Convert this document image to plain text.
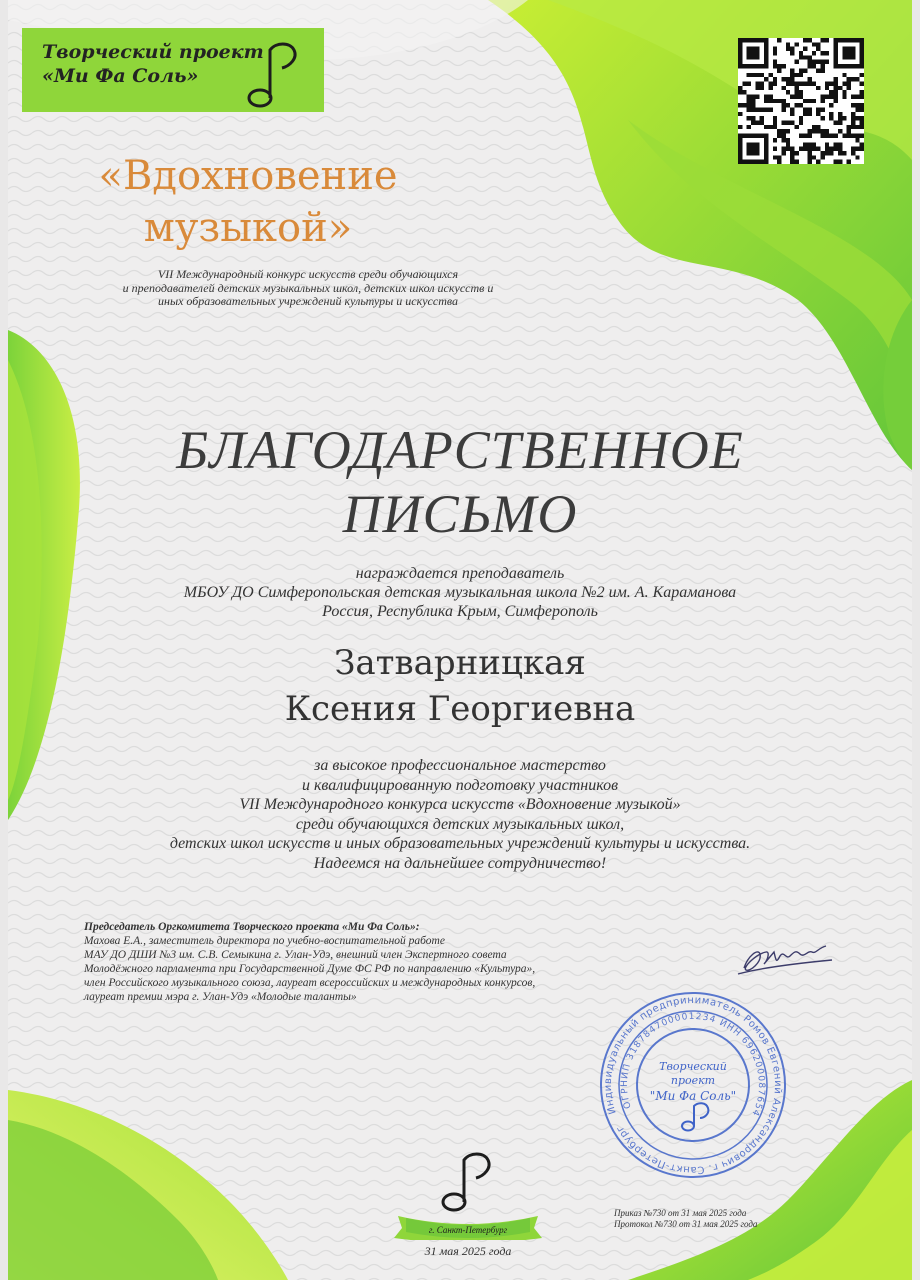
Творческий проект
«Ми Фа Соль»
«Вдохновение
музыкой»
VII Международный конкурс искусств среди обучающихся
и преподавателей детских музыкальных школ, детских школ искусств и
иных образовательных учреждений культуры и искусства
БЛАГОДАРСТВЕННОЕ
ПИСЬМО
награждается преподаватель
МБОУ ДО Симферопольская детская музыкальная школа №2 им. А. Караманова
Россия, Республика Крым, Симферополь
Затварницкая
Ксения Георгиевна
за высокое профессиональное мастерство
и квалифицированную подготовку участников
VII Международного конкурса искусств «Вдохновение музыкой»
среди обучающихся детских музыкальных школ,
детских школ искусств и иных образовательных учреждений культуры и искусства.
Надеемся на дальнейшее сотрудничество!
Председатель Оргкомитета Творческого проекта «Ми Фа Соль»:
Махова Е.А., заместитель директора по учебно-воспитательной работе
МАУ ДО ДШИ №3 им. С.В. Семыкина г. Улан-Удэ, внешний член Экспертного совета
Молодёжного парламента при Государственной Думе ФС РФ по направлению «Культура»,
член Российского музыкального союза, лауреат всероссийских и международных конкурсов,
лауреат премии мэра г. Улан-Удэ «Молодые таланты»
Индивидуальный предприниматель Ромов Евгений Александрович г. Санкт-Петербург
ОГРНИП 318784700001234 ИНН 696200087654
Творческий
проект
"Ми Фа Соль"
г. Санкт-Петербург
31 мая 2025 года
Приказ №730 от 31 мая 2025 года
Протокол №730 от 31 мая 2025 года
